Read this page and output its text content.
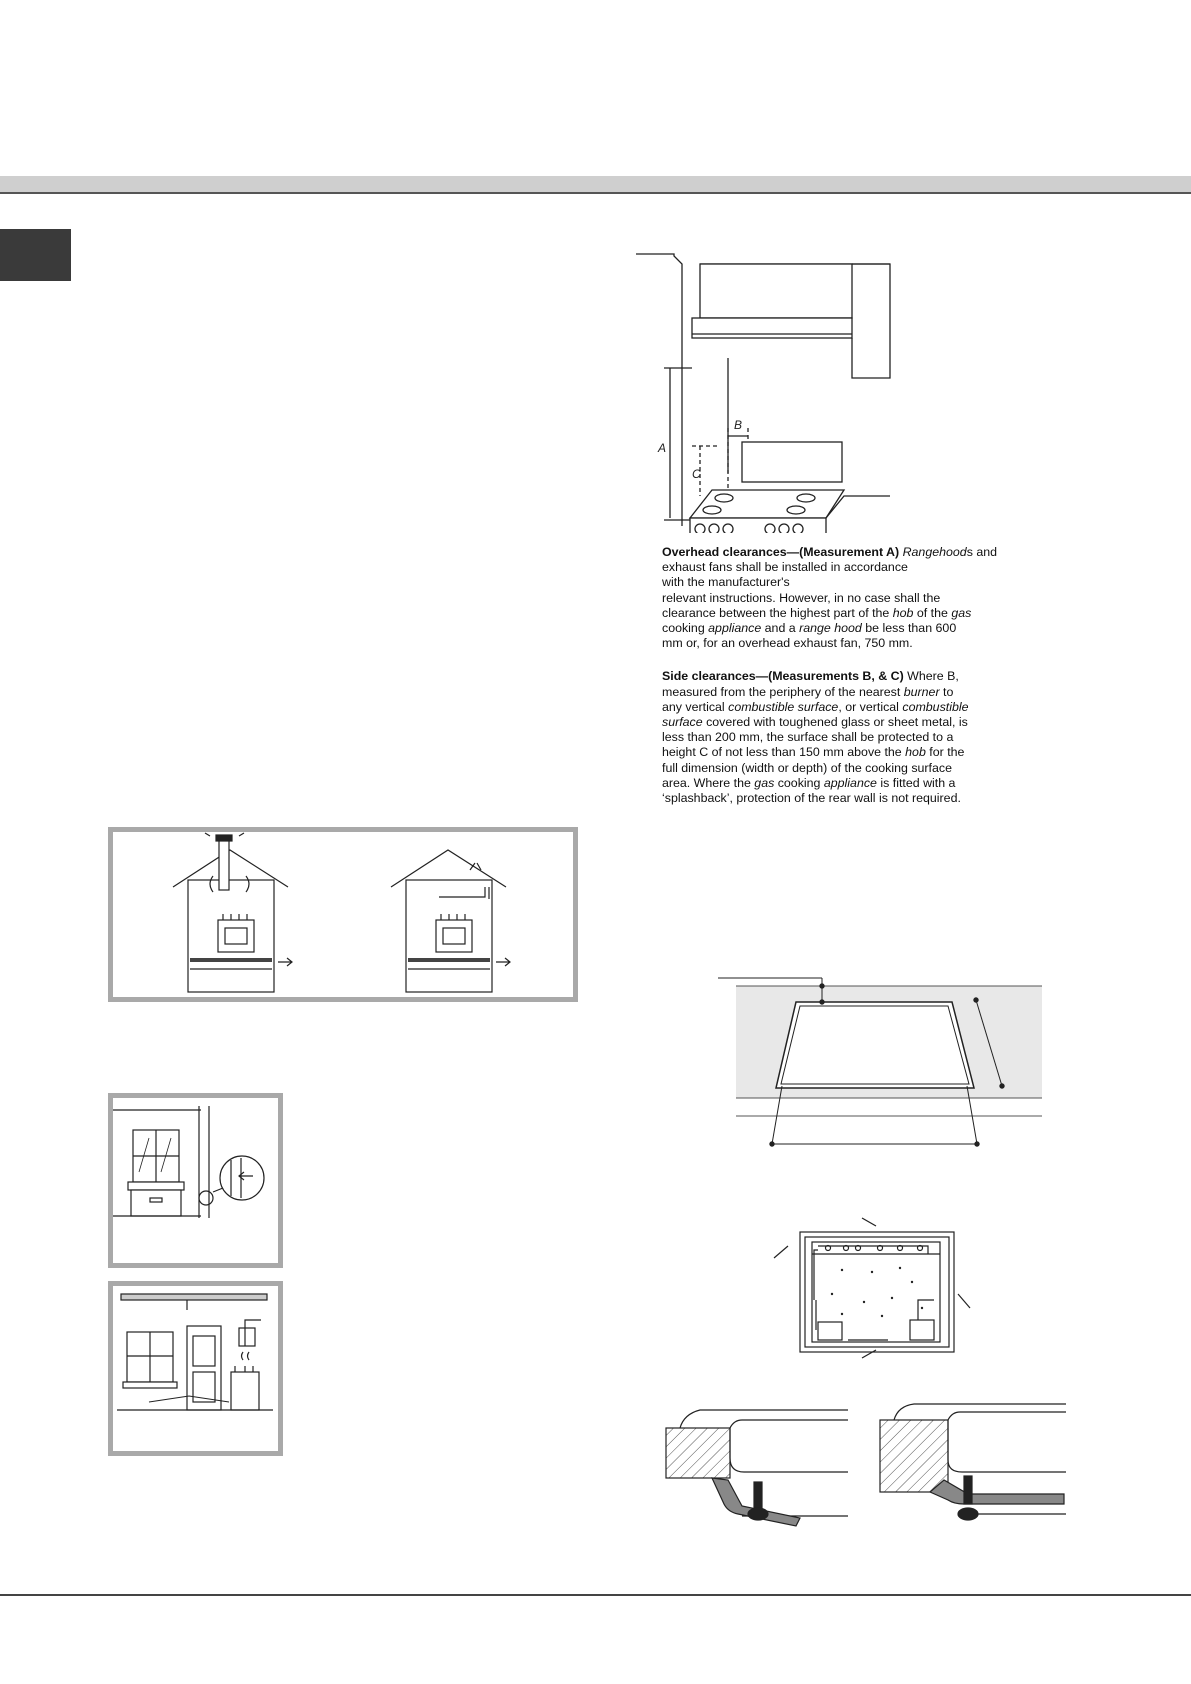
A
B
C

Overhead clearances—(Measurement A) Rangehoods and exhaust fans shall be installed in accordance
with the manufacturer's
relevant instructions. However, in no case shall the
clearance between the highest part of the hob of the gas
cooking appliance and a range hood be less than 600
mm or, for an overhead exhaust fan, 750 mm.

Side clearances—(Measurements B, & C) Where B,
measured from the periphery of the nearest burner to
any vertical combustible surface, or vertical combustible
surface covered with toughened glass or sheet metal, is
less than 200 mm, the surface shall be protected to a
height C of not less than 150 mm above the hob for the
full dimension (width or depth) of the cooking surface
area. Where the gas cooking appliance is fitted with a
‘splashback’, protection of the rear wall is not required.
